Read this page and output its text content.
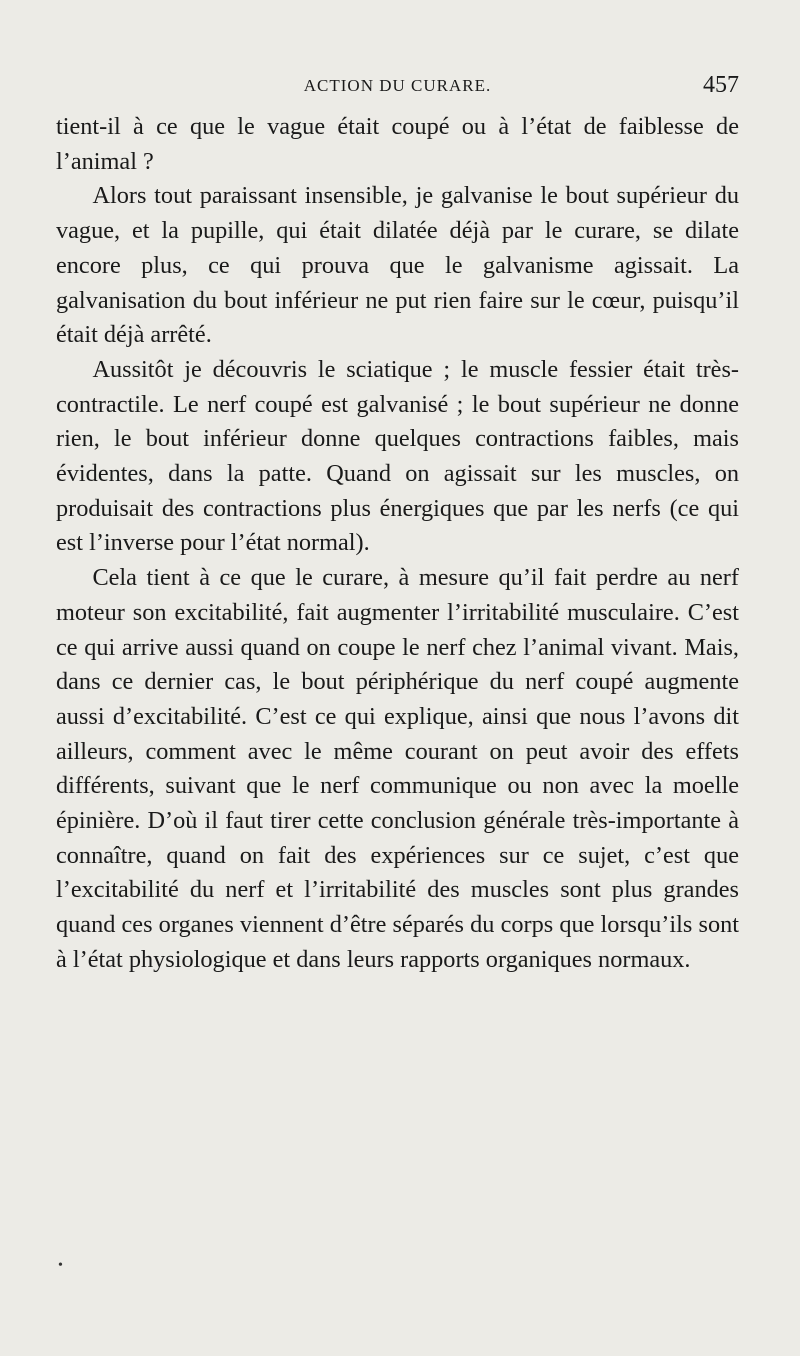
ACTION DU CURARE.	457

tient-il à ce que le vague était coupé ou à l’état de faiblesse de l’animal ?

Alors tout paraissant insensible, je galvanise le bout supérieur du vague, et la pupille, qui était dilatée déjà par le curare, se dilate encore plus, ce qui prouva que le galvanisme agissait. La galvanisation du bout inférieur ne put rien faire sur le cœur, puisqu’il était déjà arrêté.

Aussitôt je découvris le sciatique ; le muscle fessier était très-contractile. Le nerf coupé est galvanisé ; le bout supérieur ne donne rien, le bout inférieur donne quelques contractions faibles, mais évidentes, dans la patte. Quand on agissait sur les muscles, on produisait des contractions plus énergiques que par les nerfs (ce qui est l’inverse pour l’état normal).

Cela tient à ce que le curare, à mesure qu’il fait perdre au nerf moteur son excitabilité, fait augmenter l’irritabilité musculaire. C’est ce qui arrive aussi quand on coupe le nerf chez l’animal vivant. Mais, dans ce dernier cas, le bout périphérique du nerf coupé augmente aussi d’excitabilité. C’est ce qui explique, ainsi que nous l’avons dit ailleurs, comment avec le même courant on peut avoir des effets différents, suivant que le nerf communique ou non avec la moelle épinière. D’où il faut tirer cette conclusion générale très-importante à connaître, quand on fait des expériences sur ce sujet, c’est que l’excitabilité du nerf et l’irritabilité des muscles sont plus grandes quand ces organes viennent d’être séparés du corps que lorsqu’ils sont à l’état physiologique et dans leurs rapports organiques normaux.

•
